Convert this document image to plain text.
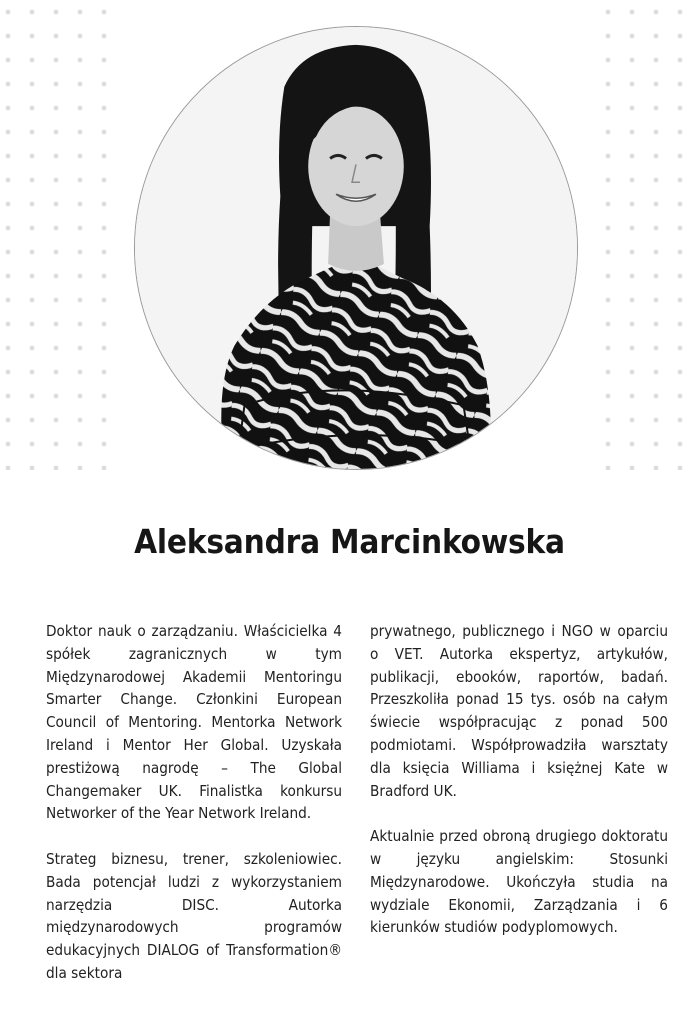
Aleksandra Marcinkowska

Doktor nauk o zarządzaniu. Właścicielka 4 spółek zagranicznych w tym Międzynarodowej Akademii Mentoringu Smarter Change. Członkini European Council of Mentoring. Mentorka Network Ireland i Mentor Her Global. Uzyskała prestiżową nagrodę – The Global Changemaker UK. Finalistka konkursu Networker of the Year Network Ireland.

Strateg biznesu, trener, szkoleniowiec. Bada potencjał ludzi z wykorzystaniem narzędzia DISC. Autorka międzynarodowych programów edukacyjnych DIALOG of Transformation® dla sektora

prywatnego, publicznego i NGO w oparciu o VET. Autorka ekspertyz, artykułów, publikacji, ebooków, raportów, badań. Przeszkoliła ponad 15 tys. osób na całym świecie współpracując z ponad 500 podmiotami. Współprowadziła warsztaty dla księcia Williama i księżnej Kate w Bradford UK.

Aktualnie przed obroną drugiego doktoratu w języku angielskim: Stosunki Międzynarodowe. Ukończyła studia na wydziale Ekonomii, Zarządzania i 6 kierunków studiów podyplomowych.
